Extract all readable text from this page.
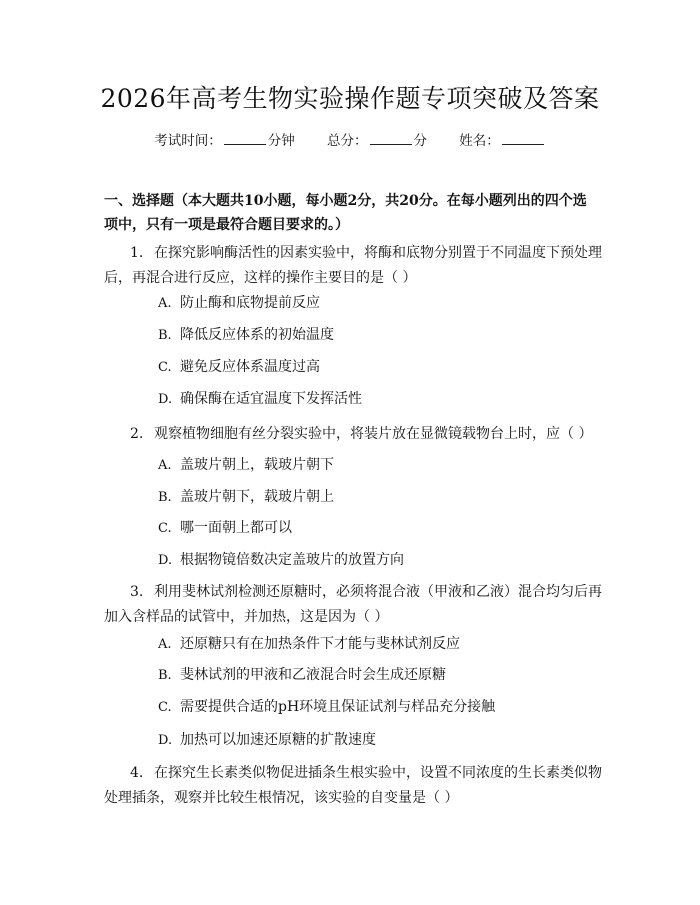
2026年高考生物实验操作题专项突破及答案
考试时间：	分钟 总分：	分 姓名：
一、选择题（本大题共10小题，每小题2分，共20分。在每小题列出的四个选
项中，只有一项是最符合题目要求的。）
1. 在探究影响酶活性的因素实验中，将酶和底物分别置于不同温度下预处理
后，再混合进行反应，这样的操作主要目的是（ ）
A. 防止酶和底物提前反应
B. 降低反应体系的初始温度
C. 避免反应体系温度过高
D. 确保酶在适宜温度下发挥活性
2. 观察植物细胞有丝分裂实验中，将装片放在显微镜载物台上时，应（ ）
A. 盖玻片朝上，载玻片朝下
B. 盖玻片朝下，载玻片朝上
C. 哪一面朝上都可以
D. 根据物镜倍数决定盖玻片的放置方向
3. 利用斐林试剂检测还原糖时，必须将混合液（甲液和乙液）混合均匀后再
加入含样品的试管中，并加热，这是因为（ ）
A. 还原糖只有在加热条件下才能与斐林试剂反应
B. 斐林试剂的甲液和乙液混合时会生成还原糖
C. 需要提供合适的pH环境且保证试剂与样品充分接触
D. 加热可以加速还原糖的扩散速度
4. 在探究生长素类似物促进插条生根实验中，设置不同浓度的生长素类似物
处理插条，观察并比较生根情况，该实验的自变量是（ ）
